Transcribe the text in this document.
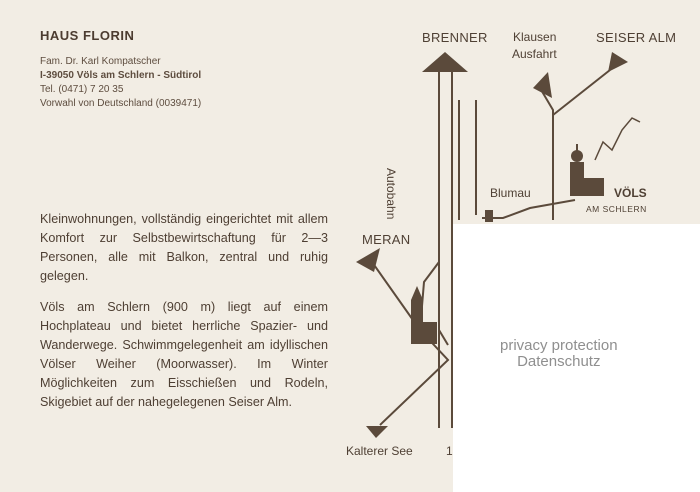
HAUS FLORIN
Fam. Dr. Karl Kompatscher
I-39050 Völs am Schlern - Südtirol
Tel. (0471) 7 20 35
Vorwahl von Deutschland (0039471)
Kleinwohnungen, vollständig eingerichtet mit allem Komfort zur Selbstbewirtschaftung für 2—3 Personen, alle mit Balkon, zentral und ruhig gelegen.
Völs am Schlern (900 m) liegt auf einem Hochplateau und bietet herrliche Spazier- und Wanderwege. Schwimmgelegenheit am idyllischen Völser Weiher (Moorwasser). Im Winter Möglichkeiten zum Eisschießen und Rodeln, Skigebiet auf der nahegelegenen Seiser Alm.
BRENNER Klausen
Ausfahrt
SEISER ALM
Autobahn	Blumau	VÖLS
AM SCHLERN
MERAN
Kalterer See	1
privacy protection
Datenschutz
